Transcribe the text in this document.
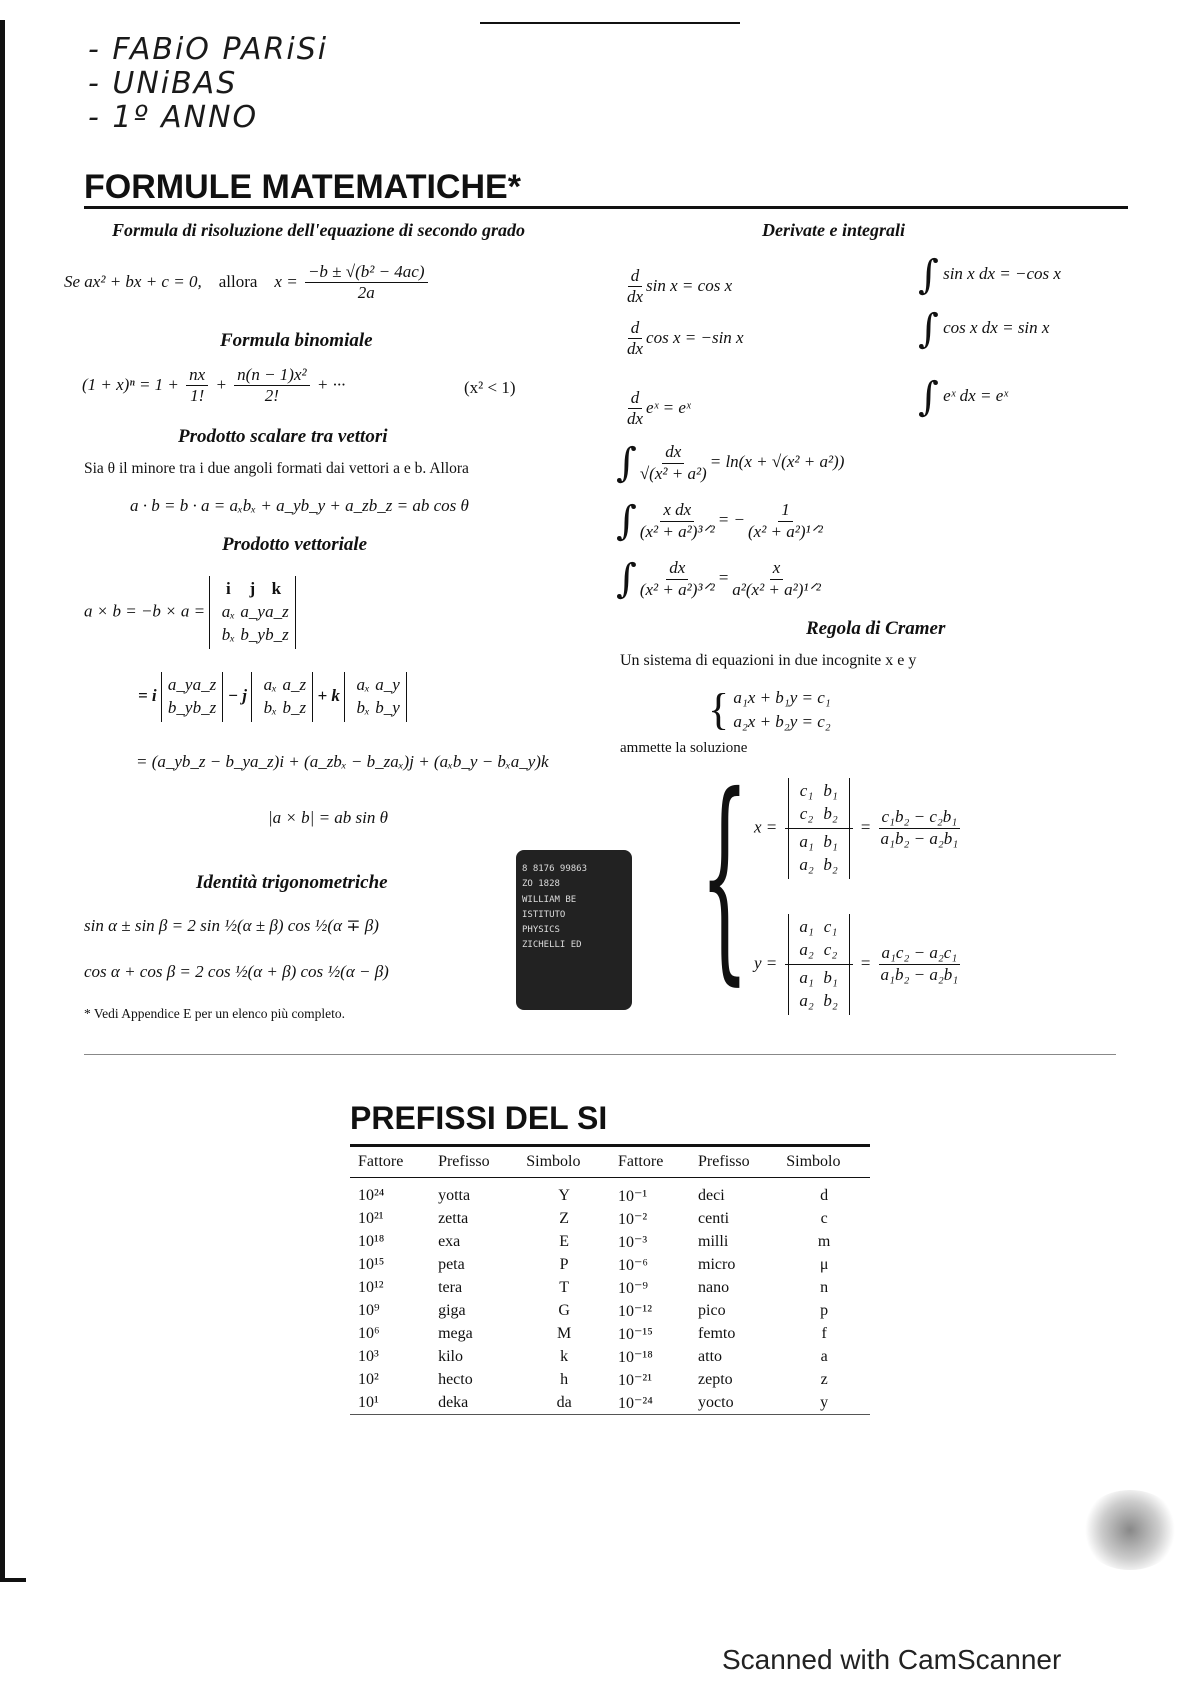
- FABiO PARiSi
- UNiBAS
- 1º ANNO
FORMULE MATEMATICHE*
Formula di risoluzione dell'equazione di secondo grado
Se ax² + bx + c = 0, allora $x = \frac{\text{−b ± √(b² − 4ac)}}{2a}$
Formula binomiale
$(1 + x)^n = 1 + \frac{nx}{1!} + \frac{\text{n(n − 1)x²}}{2!}$ + ···	(x² < 1)
Prodotto scalare tra vettori
Sia θ il minore tra i due angoli formati dai vettori a e b. Allora
a · b = b · a = aₓbₓ + a_yb_y + a_zb_z = ab cos θ
Prodotto vettoriale
a × b = −b × a = i j k
aₓ a_ya_z
bₓ b_yb_z
= i a_ya_z
b_yb_z − j aₓ a_z
bₓ b_z + k aₓ a_y
bₓ b_y
= (a_yb_z − b_ya_z)i + (a_zbₓ − b_zaₓ)j + (aₓb_y − bₓa_y)k
|a × b| = ab sin θ
Identità trigonometriche
sin α ± sin β = 2 sin ½(α ± β) cos ½(α ∓ β)
cos α + cos β = 2 cos ½(α + β) cos ½(α − β)
* Vedi Appendice E per un elenco più completo.
8 8176 99863
ZO 1828
WILLIAM BE
ISTITUTO
PHYSICS
ZICHELLI ED
Derivate e integrali
$\frac{d}{dx}$ sin x = cos x
$\frac{d}{dx}$ cos x = −sin x
$\frac{d}{dx}$ eˣ = eˣ
∫ sin x dx = −cos x
∫ cos x dx = sin x
∫ eˣ dx = eˣ
∫ $\frac{dx}{\text{√(x² + a²)}} = \ln(x + √(x^2 + a^2))$
∫ $\frac{\text{x dx}}{\text{(x² + a²)³ᐟ²}}$ = − $\frac{1}{\text{(x² + a²)¹ᐟ²}}$
∫ $\frac{dx}{\text{(x² + a²)³ᐟ²}} = \frac{x}{\text{a²(x² + a²)¹ᐟ²}}$
Regola di Cramer
Un sistema di equazioni in due incognite x e y
{ a₁x + b₁y = c₁
a₂x + b₂y = c₂
ammette la soluzione
{ x =
c₁ b₁
c₂ b₂
a₁ b₁
a₂ b₂
= $\frac{\text{c₁b₂ − c₂b₁}}{\text{a₁b₂ − a₂b₁}}$
y =
a₁ c₁
a₂ c₂
a₁ b₁
a₂ b₂
= $\frac{\text{a₁c₂ − a₂c₁}}{\text{a₁b₂ − a₂b₁}}$
PREFISSI DEL SI
Fattore	Prefisso	Simbolo	Fattore	Prefisso	Simbolo

10²⁴	yotta	Y	10⁻¹	deci	d
10²¹	zetta	Z	10⁻²	centi	c
10¹⁸	exa	E	10⁻³	milli	m
10¹⁵	peta	P	10⁻⁶	micro	μ
10¹²	tera	T	10⁻⁹	nano	n
10⁹	giga	G	10⁻¹²	pico	p
10⁶	mega	M	10⁻¹⁵	femto	f
10³	kilo	k	10⁻¹⁸	atto	a
10²	hecto	h	10⁻²¹	zepto	z
10¹	deka	da	10⁻²⁴	yocto	y
Scanned with CamScanner
